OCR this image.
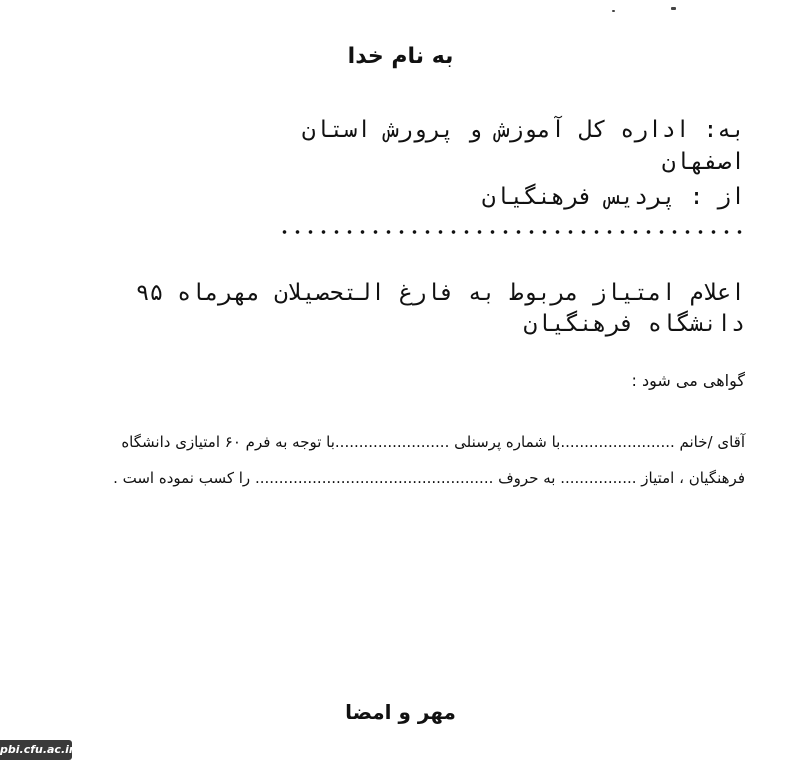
به نام خدا
به: اداره کل آموزش و پرورش استان
اصفهان
از : پردیس فرهنگیان
اعلام امتیاز مربوط به فارغ التحصیلان مهرماه ۹۵
دانشگاه فرهنگیان
گواهی می شود :
آقای /خانم ........................با شماره پرسنلی ........................با توجه به فرم ۶۰ امتیازی دانشگاه
فرهنگیان ، امتیاز ................ به حروف .................................................. را کسب نموده است .
مهر و امضا
pbi.cfu.ac.ir
